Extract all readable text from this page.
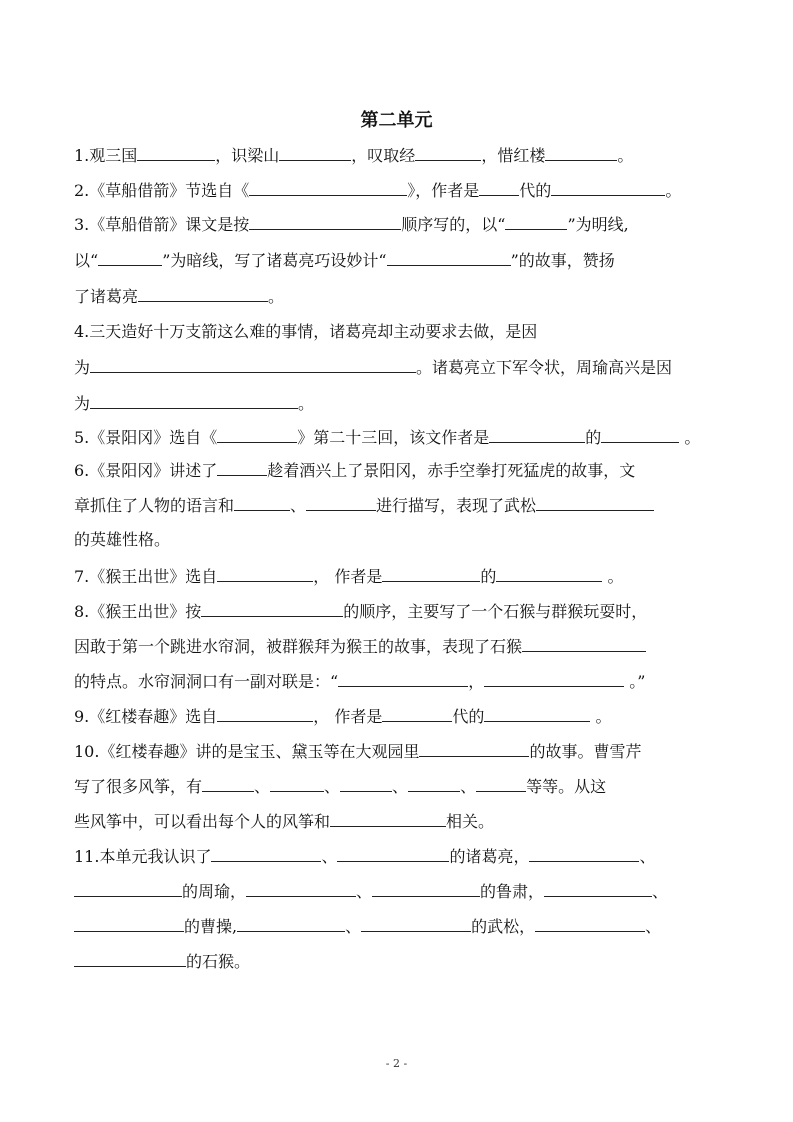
第二单元
1.观三国	，识梁山	，叹取经	，惜红楼	。
2.《草船借箭》节选自《	》，作者是	代的	。
3.《草船借箭》课文是按	顺序写的，以“	”为明线,
以“	”为暗线，写了诸葛亮巧设妙计“	”的故事，赞扬
了诸葛亮	。
4.三天造好十万支箭这么难的事情，诸葛亮却主动要求去做，是因
为	。诸葛亮立下军令状，周瑜高兴是因
为	。
5.《景阳冈》选自《	》第二十三回，该文作者是	的	。
6.《景阳冈》讲述了	趁着酒兴上了景阳冈，赤手空拳打死猛虎的故事，文
章抓住了人物的语言和	、	进行描写，表现了武松
的英雄性格。
7.《猴王出世》选自	， 作者是	的	。
8.《猴王出世》按	的顺序，主要写了一个石猴与群猴玩耍时，
因敢于第一个跳进水帘洞，被群猴拜为猴王的故事，表现了石猴
的特点。水帘洞洞口有一副对联是：“	，	。”
9.《红楼春趣》选自	， 作者是	代的	。
10.《红楼春趣》讲的是宝玉、黛玉等在大观园里	的故事。曹雪芹
写了很多风筝，有	、	、	、	、	等等。从这
些风筝中，可以看出每个人的风筝和	相关。
11.本单元我认识了	、	的诸葛亮，	、
的周瑜，	、	的鲁肃，	、
的曹操,	、	的武松，	、
的石猴。
- 2 -
